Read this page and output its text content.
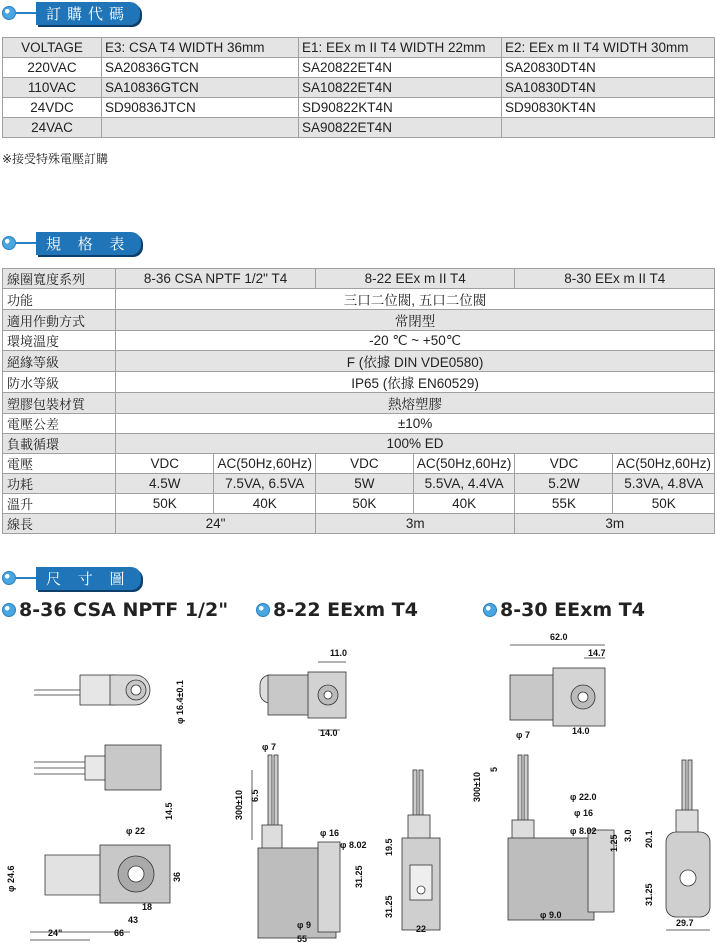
訂購代碼
VOLTAGE	E3: CSA T4 WIDTH 36mm	E1: EEx m II T4 WIDTH 22mm	E2: EEx m II T4 WIDTH 30mm
220VAC	SA20836GTCN	SA20822ET4N	SA20830DT4N
110VAC	SA10836GTCN	SA10822ET4N	SA10830DT4N
24VDC	SD90836JTCN	SD90822KT4N	SD90830KT4N
24VAC		SA90822ET4N	
※接受特殊電壓訂購
規 格 表
線圈寬度系列	8-36 CSA NPTF 1/2" T4		8-22 EEx m II T4		8-30 EEx m II T4	
功能	三口二位閥, 五口二位閥					
適用作動方式	常閉型					
環境溫度	-20 ℃ ~ +50℃					
絕緣等級	F (依據 DIN VDE0580)					
防水等級	IP65 (依據 EN60529)					
塑膠包裝材質	熱熔塑膠					
電壓公差	±10%					
負載循環	100% ED					
電壓	VDC	AC(50Hz,60Hz)	VDC	AC(50Hz,60Hz)	VDC	AC(50Hz,60Hz)
功耗	4.5W	7.5VA, 6.5VA	5W	5.5VA, 4.4VA	5.2W	5.3VA, 4.8VA
溫升	50K	40K	50K	40K	55K	50K
線長	24"		3m		3m	
尺 寸 圖
8-36 CSA NPTF 1/2" 8-22 EExm T4	8-30 EExm T4
φ 16.4±0.1
14.5
φ 22
φ 24.6	36
18
43
24"	66
11.0
14.0
φ 7
300±10 6.5
φ 16
φ 8.02
31.25
19.5
31.25
φ 9
55
22
62.0
14.7
14.0
φ 7
300±10
5
φ 22.0
φ 16
φ 8.02
1.25 3.0 20.1
31.25
φ 9.0
29.7
